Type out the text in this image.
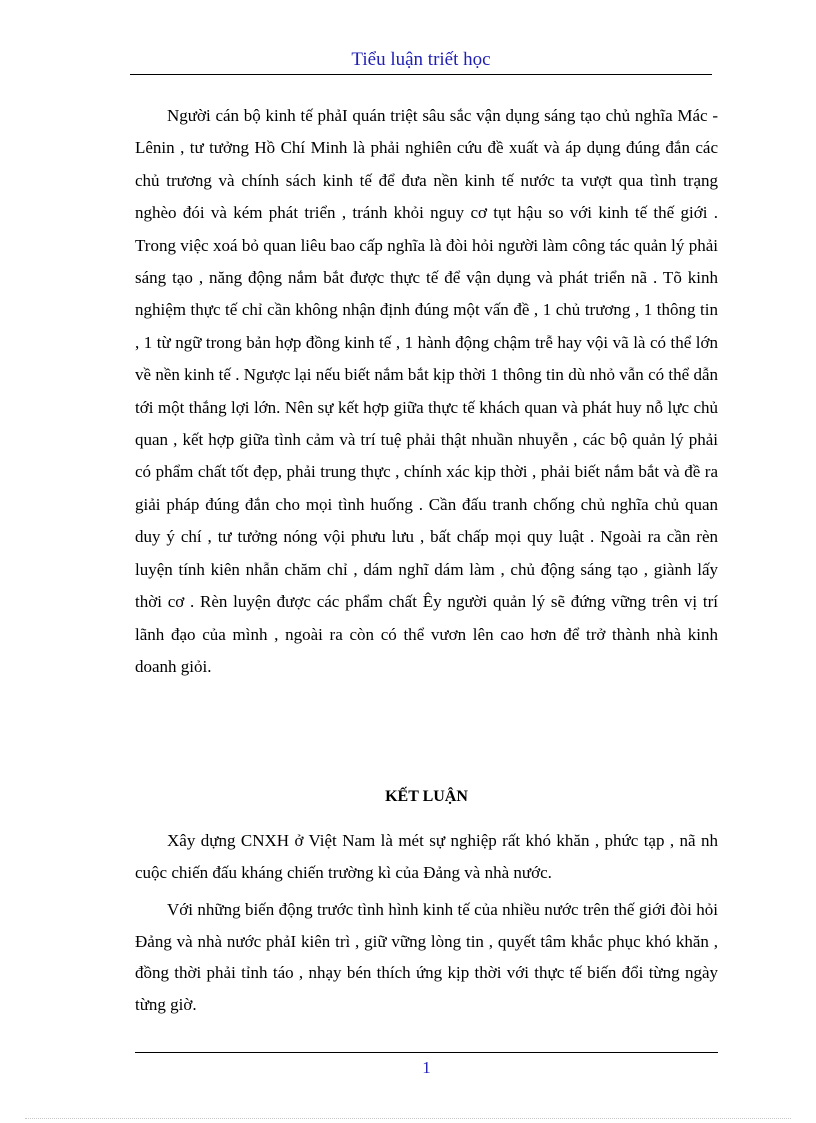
Tiểu luận triết học

Người cán bộ kinh tế phảI quán triệt sâu sắc vận dụng sáng tạo chủ nghĩa Mác - Lênin , tư tưởng Hồ Chí Minh là phải nghiên cứu đề xuất và áp dụng đúng đắn các chủ trương và chính sách kinh tế để đưa nền kinh tế nước ta vượt qua tình trạng nghèo đói và kém phát triển , tránh khỏi nguy cơ tụt hậu so với kinh tế thế giới . Trong việc xoá bỏ quan liêu bao cấp nghĩa là đòi hỏi người làm công tác quản lý phải sáng tạo , năng động nắm bắt được thực tế để vận dụng và phát triển nã . Tõ kinh nghiệm thực tế chỉ cần không nhận định đúng một vấn đề , 1 chủ trương , 1 thông tin , 1 từ ngữ trong bản hợp đồng kinh tế , 1 hành động chậm trễ hay vội vã là có thể lớn về nền kinh tế . Ngược lại nếu biết nắm bắt kịp thời 1 thông tin dù nhỏ vẫn có thể dẫn tới một thắng lợi lớn. Nên sự kết hợp giữa thực tế khách quan và phát huy nỗ lực chủ quan , kết hợp giữa tình cảm và trí tuệ phải thật nhuần nhuyễn , các bộ quản lý phải có phẩm chất tốt đẹp, phải trung thực , chính xác kịp thời , phải biết nắm bắt và đề ra giải pháp đúng đắn cho mọi tình huống . Cần đấu tranh chống chủ nghĩa chủ quan duy ý chí , tư tưởng nóng vội phưu lưu , bất chấp mọi quy luật . Ngoài ra cần rèn luyện tính kiên nhẫn chăm chỉ , dám nghĩ dám làm , chủ động sáng tạo , giành lấy thời cơ . Rèn luyện được các phẩm chất Êy người quản lý sẽ đứng vững trên vị trí lãnh đạo của mình , ngoài ra còn có thể vươn lên cao hơn để trở thành nhà kinh doanh giỏi.

KẾT LUẬN

Xây dựng CNXH ở Việt Nam là mét sự nghiệp rất khó khăn , phức tạp , nã nh cuộc chiến đấu kháng chiến trường kì của Đảng và nhà nước.

Với những biến động trước tình hình kinh tế của nhiều nước trên thế giới đòi hỏi Đảng và nhà nước phảI kiên trì , giữ vững lòng tin , quyết tâm khắc phục khó khăn , đồng thời phải tỉnh táo , nhạy bén thích ứng kịp thời với thực tế biến đổi từng ngày từng giờ.

1
